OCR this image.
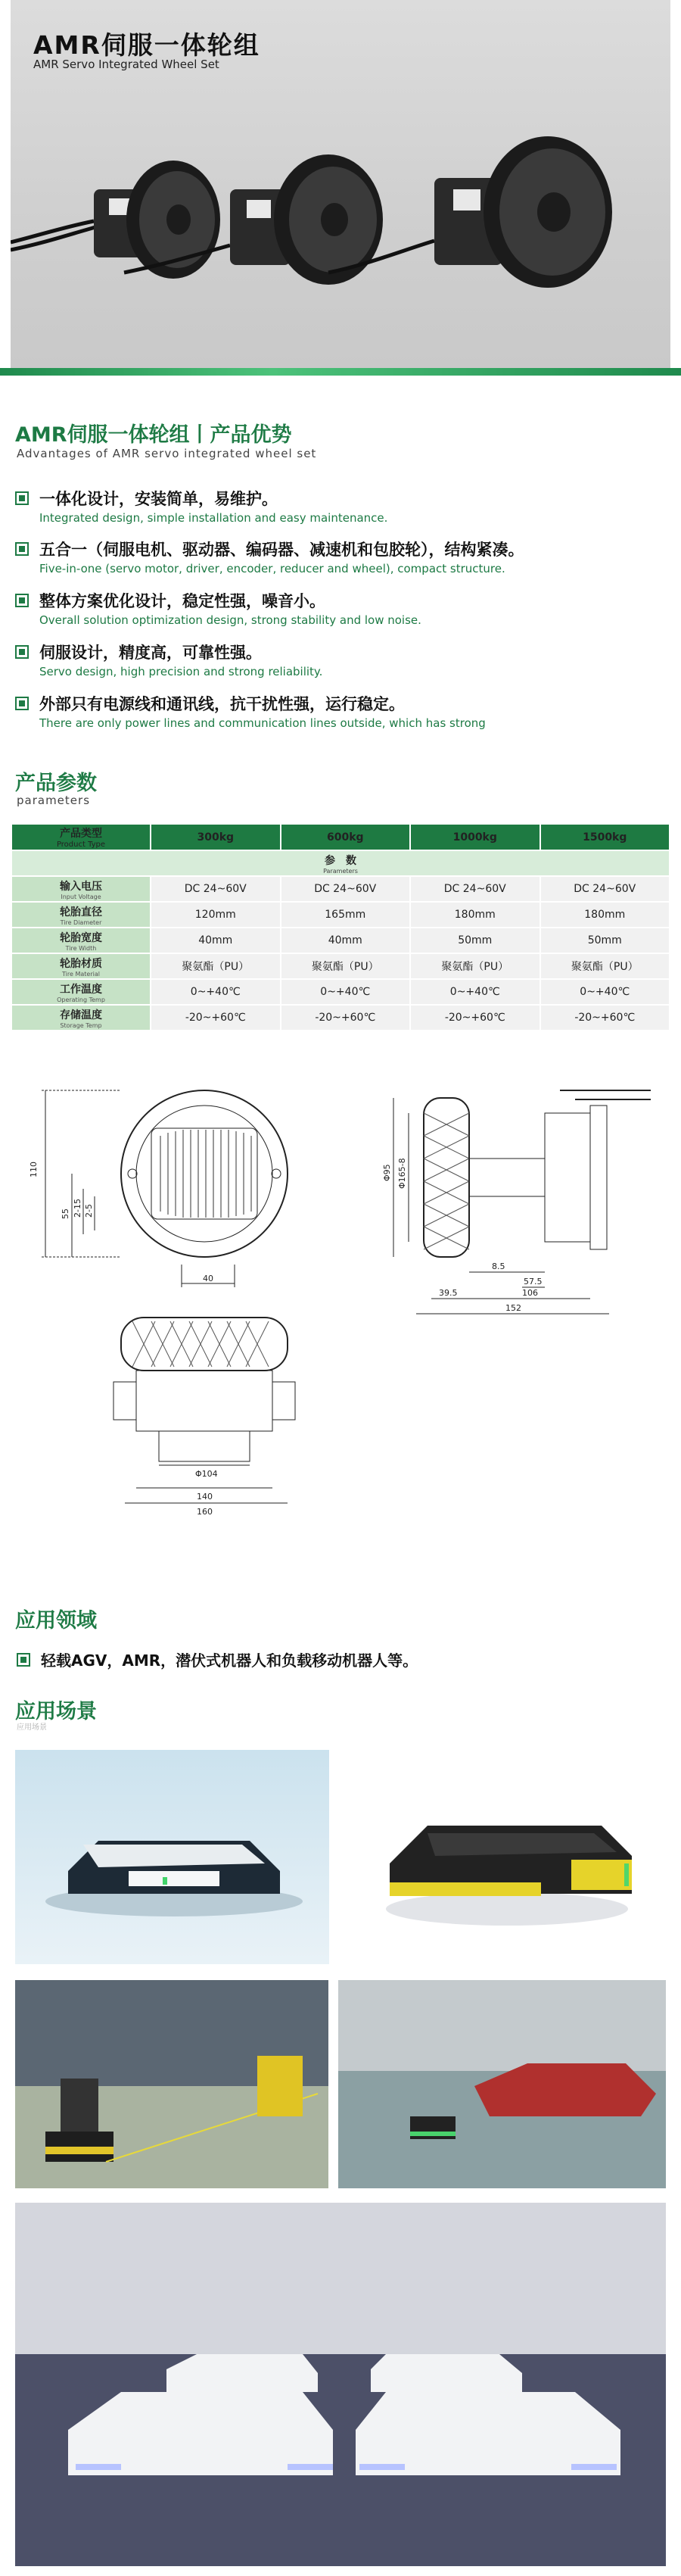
AMR伺服一体轮组
AMR Servo Integrated Wheel Set
AMR伺服一体轮组丨产品优势
Advantages of AMR servo integrated wheel set
一体化设计，安装简单，易维护。
Integrated design, simple installation and easy maintenance.
五合一（伺服电机、驱动器、编码器、减速机和包胶轮），结构紧凑。
Five-in-one (servo motor, driver, encoder, reducer and wheel), compact structure.
整体方案优化设计，稳定性强，噪音小。
Overall solution optimization design, strong stability and low noise.
伺服设计，精度高，可靠性强。
Servo design, high precision and strong reliability.
外部只有电源线和通讯线，抗干扰性强，运行稳定。
There are only power lines and communication lines outside, which has strong
产品参数
parameters
产品类型
Product Type	300kg	600kg	1000kg	1500kg
参　数
Parameters				

输入电压
Input Voltage	DC 24~60V	DC 24~60V	DC 24~60V	DC 24~60V
轮胎直径
Tire Diameter	120mm	165mm	180mm	180mm
轮胎宽度
Tire Width	40mm	40mm	50mm	50mm
轮胎材质
Tire Material	聚氨酯（PU）	聚氨酯（PU）	聚氨酯（PU）	聚氨酯（PU）
工作温度
Operating Temp	0~+40℃	0~+40℃	0~+40℃	0~+40℃
存储温度
Storage Temp	-20~+60℃	-20~+60℃	-20~+60℃	-20~+60℃
110
55 2-15 2-5
40
Φ95 Φ165-8
8.5
57.5
39.5	106
152
Φ104
140
160
应用领域
轻载AGV，AMR，潜伏式机器人和负载移动机器人等。
应用场景
应用场景
